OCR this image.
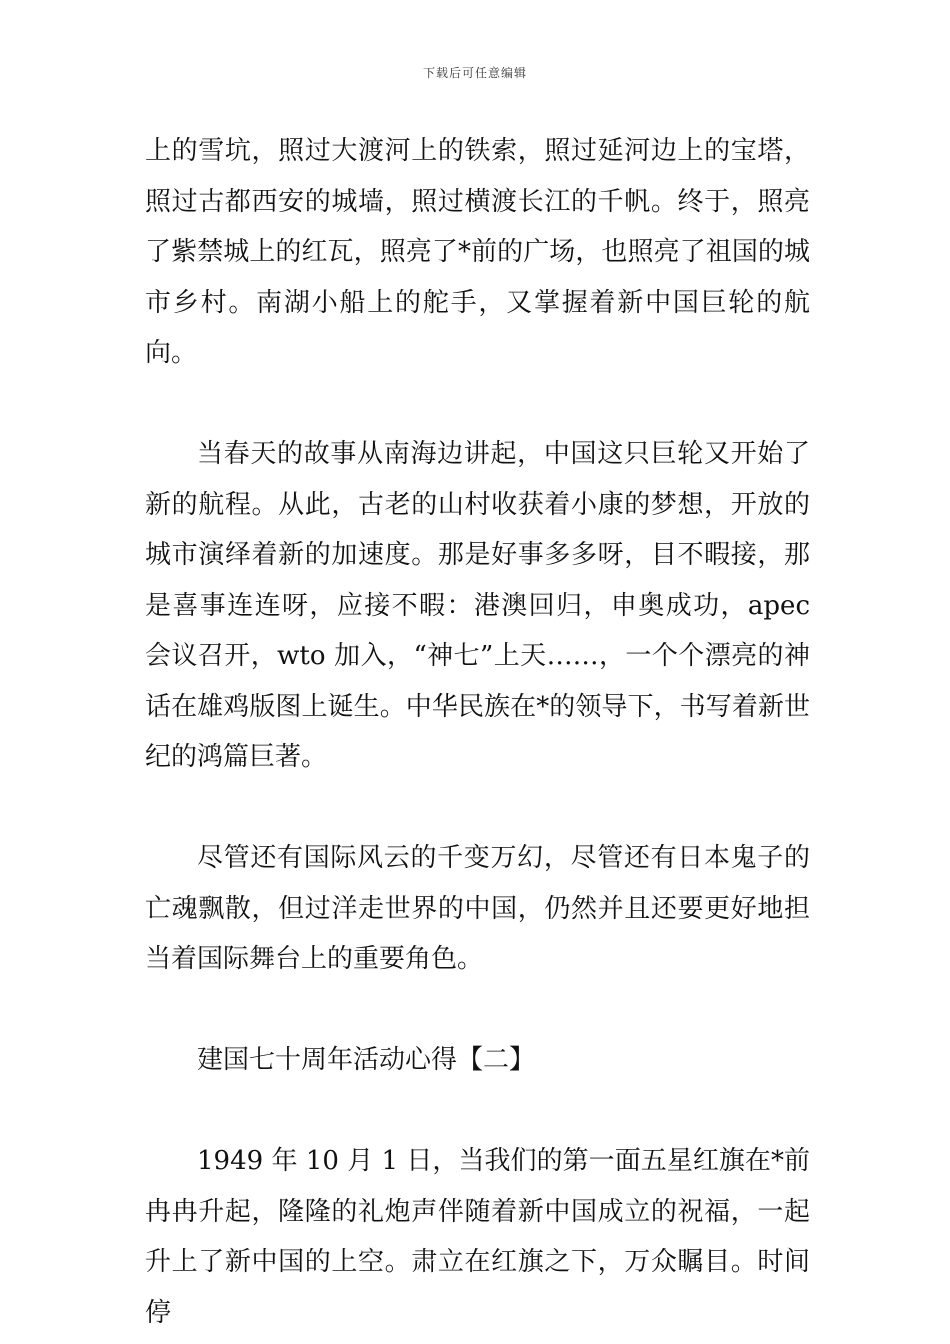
下载后可任意编辑

上的雪坑，照过大渡河上的铁索，照过延河边上的宝塔，照过古都西安的城墙，照过横渡长江的千帆。终于，照亮了紫禁城上的红瓦，照亮了*前的广场，也照亮了祖国的城市乡村。南湖小船上的舵手，又掌握着新中国巨轮的航向。

当春天的故事从南海边讲起，中国这只巨轮又开始了新的航程。从此，古老的山村收获着小康的梦想，开放的城市演绎着新的加速度。那是好事多多呀，目不暇接，那是喜事连连呀，应接不暇：港澳回归，申奥成功，apec 会议召开，wto 加入，“神七”上天……，一个个漂亮的神话在雄鸡版图上诞生。中华民族在*的领导下，书写着新世纪的鸿篇巨著。

尽管还有国际风云的千变万幻，尽管还有日本鬼子的亡魂飘散，但过洋走世界的中国，仍然并且还要更好地担当着国际舞台上的重要角色。

建国七十周年活动心得【二】

1949 年 10 月 1 日，当我们的第一面五星红旗在*前冉冉升起，隆隆的礼炮声伴随着新中国成立的祝福，一起升上了新中国的上空。肃立在红旗之下，万众瞩目。时间停
